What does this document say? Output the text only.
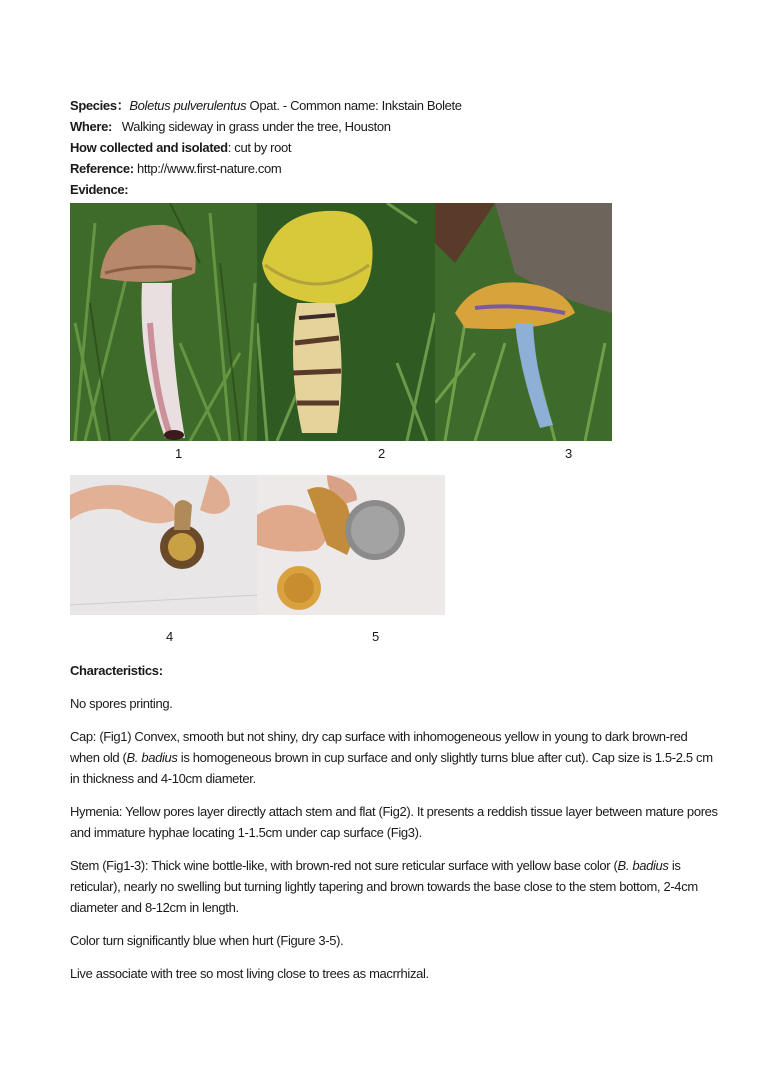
Species：Boletus pulverulentus Opat. - Common name: Inkstain Bolete
Where: Walking sideway in grass under the tree, Houston
How collected and isolated: cut by root
Reference: http://www.first-nature.com
Evidence:
1	2	3
4	5
Characteristics:

No spores printing.

Cap: (Fig1) Convex, smooth but not shiny, dry cap surface with inhomogeneous yellow in young to dark brown-red when old (B. badius is homogeneous brown in cup surface and only slightly turns blue after cut). Cap size is 1.5-2.5 cm in thickness and 4-10cm diameter.

Hymenia: Yellow pores layer directly attach stem and flat (Fig2). It presents a reddish tissue layer between mature pores and immature hyphae locating 1-1.5cm under cap surface (Fig3).

Stem (Fig1-3): Thick wine bottle-like, with brown-red not sure reticular surface with yellow base color (B. badius is reticular), nearly no swelling but turning lightly tapering and brown towards the base close to the stem bottom, 2-4cm diameter and 8-12cm in length.

Color turn significantly blue when hurt (Figure 3-5).

Live associate with tree so most living close to trees as macrrhizal.
